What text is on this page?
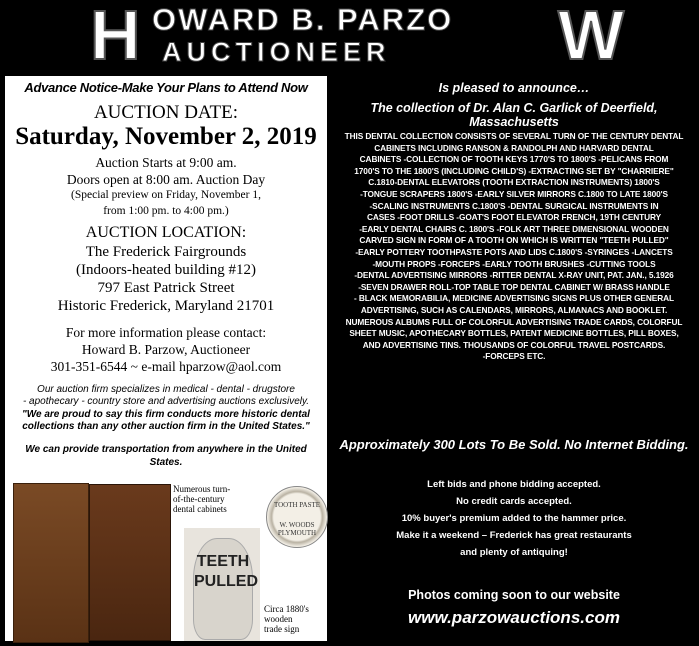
H OWARD B. PARZO
AUCTIONEER W
Advance Notice-Make Your Plans to Attend Now
AUCTION DATE:
Saturday, November 2, 2019
Auction Starts at 9:00 am.
Doors open at 8:00 am. Auction Day
(Special preview on Friday, November 1,
from 1:00 pm. to 4:00 pm.)
AUCTION LOCATION:
The Frederick Fairgrounds
(Indoors-heated building #12)
797 East Patrick Street
Historic Frederick, Maryland 21701
For more information please contact:
Howard B. Parzow, Auctioneer
301-351-6544 ~ e-mail hparzow@aol.com
Our auction firm specializes in medical - dental - drugstore
- apothecary - country store and advertising auctions exclusively.
"We are proud to say this firm conducts more historic dental
collections than any other auction firm in the United States."
We can provide transportation from anywhere in the United States.
Numerous turn-
of-the-century
dental cabinets
TEETH
PULLED
TOOTH PASTE
W. WOODS
PLYMOUTH
Circa 1880's
wooden
trade sign
Is pleased to announce…
The collection of Dr. Alan C. Garlick of Deerfield, Massachusetts
THIS DENTAL COLLECTION CONSISTS OF SEVERAL TURN OF THE CENTURY DENTAL
CABINETS INCLUDING RANSON & RANDOLPH AND HARVARD DENTAL
CABINETS -COLLECTION OF TOOTH KEYS 1770'S TO 1800'S -PELICANS FROM
1700'S TO THE 1800'S (INCLUDING CHILD'S) -EXTRACTING SET BY "CHARRIERE"
C.1810-DENTAL ELEVATORS (TOOTH EXTRACTION INSTRUMENTS) 1800'S
-TONGUE SCRAPERS 1800'S -EARLY SILVER MIRRORS C.1800 TO LATE 1800'S
-SCALING INSTRUMENTS C.1800'S -DENTAL SURGICAL INSTRUMENTS IN
CASES -FOOT DRILLS -GOAT'S FOOT ELEVATOR FRENCH, 19TH CENTURY
-EARLY DENTAL CHAIRS C. 1800'S -FOLK ART THREE DIMENSIONAL WOODEN
CARVED SIGN IN FORM OF A TOOTH ON WHICH IS WRITTEN "TEETH PULLED"
-EARLY POTTERY TOOTHPASTE POTS AND LIDS C.1800'S -SYRINGES -LANCETS
-MOUTH PROPS -FORCEPS -EARLY TOOTH BRUSHES -CUTTING TOOLS
-DENTAL ADVERTISING MIRRORS -RITTER DENTAL X-RAY UNIT, PAT. JAN., 5.1926
-SEVEN DRAWER ROLL-TOP TABLE TOP DENTAL CABINET W/ BRASS HANDLE
- BLACK MEMORABILIA, MEDICINE ADVERTISING SIGNS PLUS OTHER GENERAL
ADVERTISING, SUCH AS CALENDARS, MIRRORS, ALMANACS AND BOOKLET.
NUMEROUS ALBUMS FULL OF COLORFUL ADVERTISING TRADE CARDS, COLORFUL
SHEET MUSIC, APOTHECARY BOTTLES, PATENT MEDICINE BOTTLES, PILL BOXES,
AND ADVERTISING TINS. THOUSANDS OF COLORFUL TRAVEL POSTCARDS.
-FORCEPS ETC.
Approximately 300 Lots To Be Sold. No Internet Bidding.
Left bids and phone bidding accepted.
No credit cards accepted.
10% buyer's premium added to the hammer price.
Make it a weekend – Frederick has great restaurants
and plenty of antiquing!
Photos coming soon to our website
www.parzowauctions.com
